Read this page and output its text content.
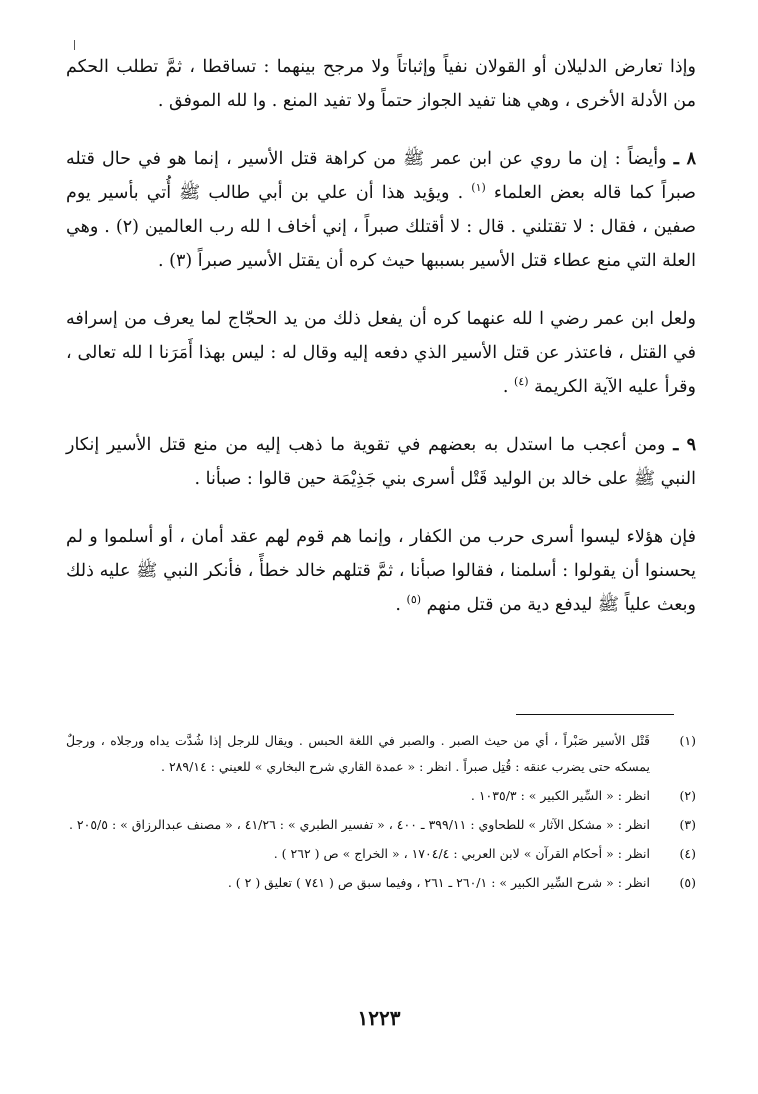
وإذا تعارض الدليلان أو القولان نفياً وإثباتاً ولا مرجح بينهما : تساقطا ، ثمَّ تطلب الحكم من الأدلة الأخرى ، وهي هنا تفيد الجواز حتماً ولا تفيد المنع . وا لله الموفق .

٨ ـ وأيضاً : إن ما روي عن ابن عمر ﷺ من كراهة قتل الأسير ، إنما هو في حال قتله صبراً كما قاله بعض العلماء $^{(١)}$ . ويؤيد هذا أن علي بن أبي طالب ﷺ أُتي بأسير يوم صفين ، فقال : لا تقتلني . قال : لا أقتلك صبراً ، إني أخاف ا لله رب العالمين (٢) . وهي العلة التي منع عطاء قتل الأسير بسببها حيث كره أن يقتل الأسير صبراً (٣) .

ولعل ابن عمر رضي ا لله عنهما كره أن يفعل ذلك من يد الحجّاج لما يعرف من إسرافه في القتل ، فاعتذر عن قتل الأسير الذي دفعه إليه وقال له : ليس بهذا أَمَرَنا ا لله تعالى ، وقرأ عليه الآية الكريمة $^{(٤)}$ .

٩ ـ ومن أعجب ما استدل به بعضهم في تقوية ما ذهب إليه من منع قتل الأسير إنكار النبي ﷺ على خالد بن الوليد قَتْل أسرى بني جَذِيْمَة حين قالوا : صبأنا .

فإن هؤلاء ليسوا أسرى حرب من الكفار ، وإنما هم قوم لهم عقد أمان ، أو أسلموا و لم يحسنوا أن يقولوا : أسلمنا ، فقالوا صبأنا ، ثمَّ قتلهم خالد خطأً ، فأنكر النبي ﷺ عليه ذلك وبعث علياً ﷺ ليدفع دية من قتل منهم $^{(٥)}$ .

(١)
قَتْل الأسير صَبْراً ، أي من حيث الصبر . والصبر في اللغة الحبس . ويقال للرجل إذا شُدَّت يداه ورجلاه ، ورجلٌ يمسكه حتى يضرب عنقه : قُتِل صبراً . انظر : « عمدة القاري شرح البخاري » للعيني : ٢٨٩/١٤ .
(٢)
انظر : « السِّير الكبير » : ١٠٣٥/٣ .
(٣)
انظر : « مشكل الآثار » للطحاوي : ٣٩٩/١١ ـ ٤٠٠ ، « تفسير الطبري » : ٤١/٢٦ ، « مصنف عبدالرزاق » : ٢٠٥/٥ .
(٤)
انظر : « أحكام القرآن » لابن العربي : ١٧٠٤/٤ ، « الخراج » ص ( ٢٦٢ ) .
(٥)
انظر : « شرح السِّير الكبير » : ٢٦٠/١ ـ ٢٦١ ، وفيما سبق ص ( ٧٤١ ) تعليق ( ٢ ) .
١٢٢٣
